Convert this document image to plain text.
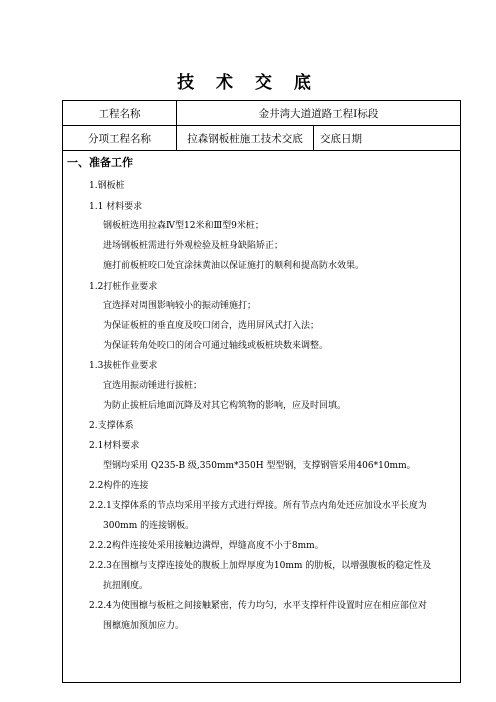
技 术 交 底
工程名称	金井湾大道道路工程Ⅰ标段	
分项工程名称	拉森钢板桩施工技术交底	交底日期
一、准备工作
1.钢板桩
1.1 材料要求
钢板桩选用拉森Ⅳ型12米和Ⅲ型9米桩；
进场钢板桩需进行外观检验及桩身缺陷矫正；
施打前板桩咬口处宜涂抹黄油以保证施打的顺利和提高防水效果。
1.2打桩作业要求
宜选择对周围影响较小的振动锤施打；
为保证板桩的垂直度及咬口闭合，选用屏风式打入法；
为保证转角处咬口的闭合可通过轴线或板桩块数来调整。
1.3拔桩作业要求
宜选用振动锤进行拔桩；
为防止拔桩后地面沉降及对其它构筑物的影响，应及时回填。
2.支撑体系
2.1材料要求
型钢均采用 Q235-B 级,350mm*350H 型型钢，支撑钢管采用406*10mm。
2.2构件的连接
2.2.1支撑体系的节点均采用平接方式进行焊接。所有节点内角处还应加设水平长度为
300mm 的连接钢板。
2.2.2构件连接处采用接触边满焊，焊缝高度不小于8mm。
2.2.3在围檩与支撑连接处的腹板上加焊厚度为10mm 的肋板，以增强腹板的稳定性及
抗扭刚度。
2.2.4为使围檩与板桩之间接触紧密，传力均匀，水平支撑杆件设置时应在相应部位对
围檩施加预加应力。
